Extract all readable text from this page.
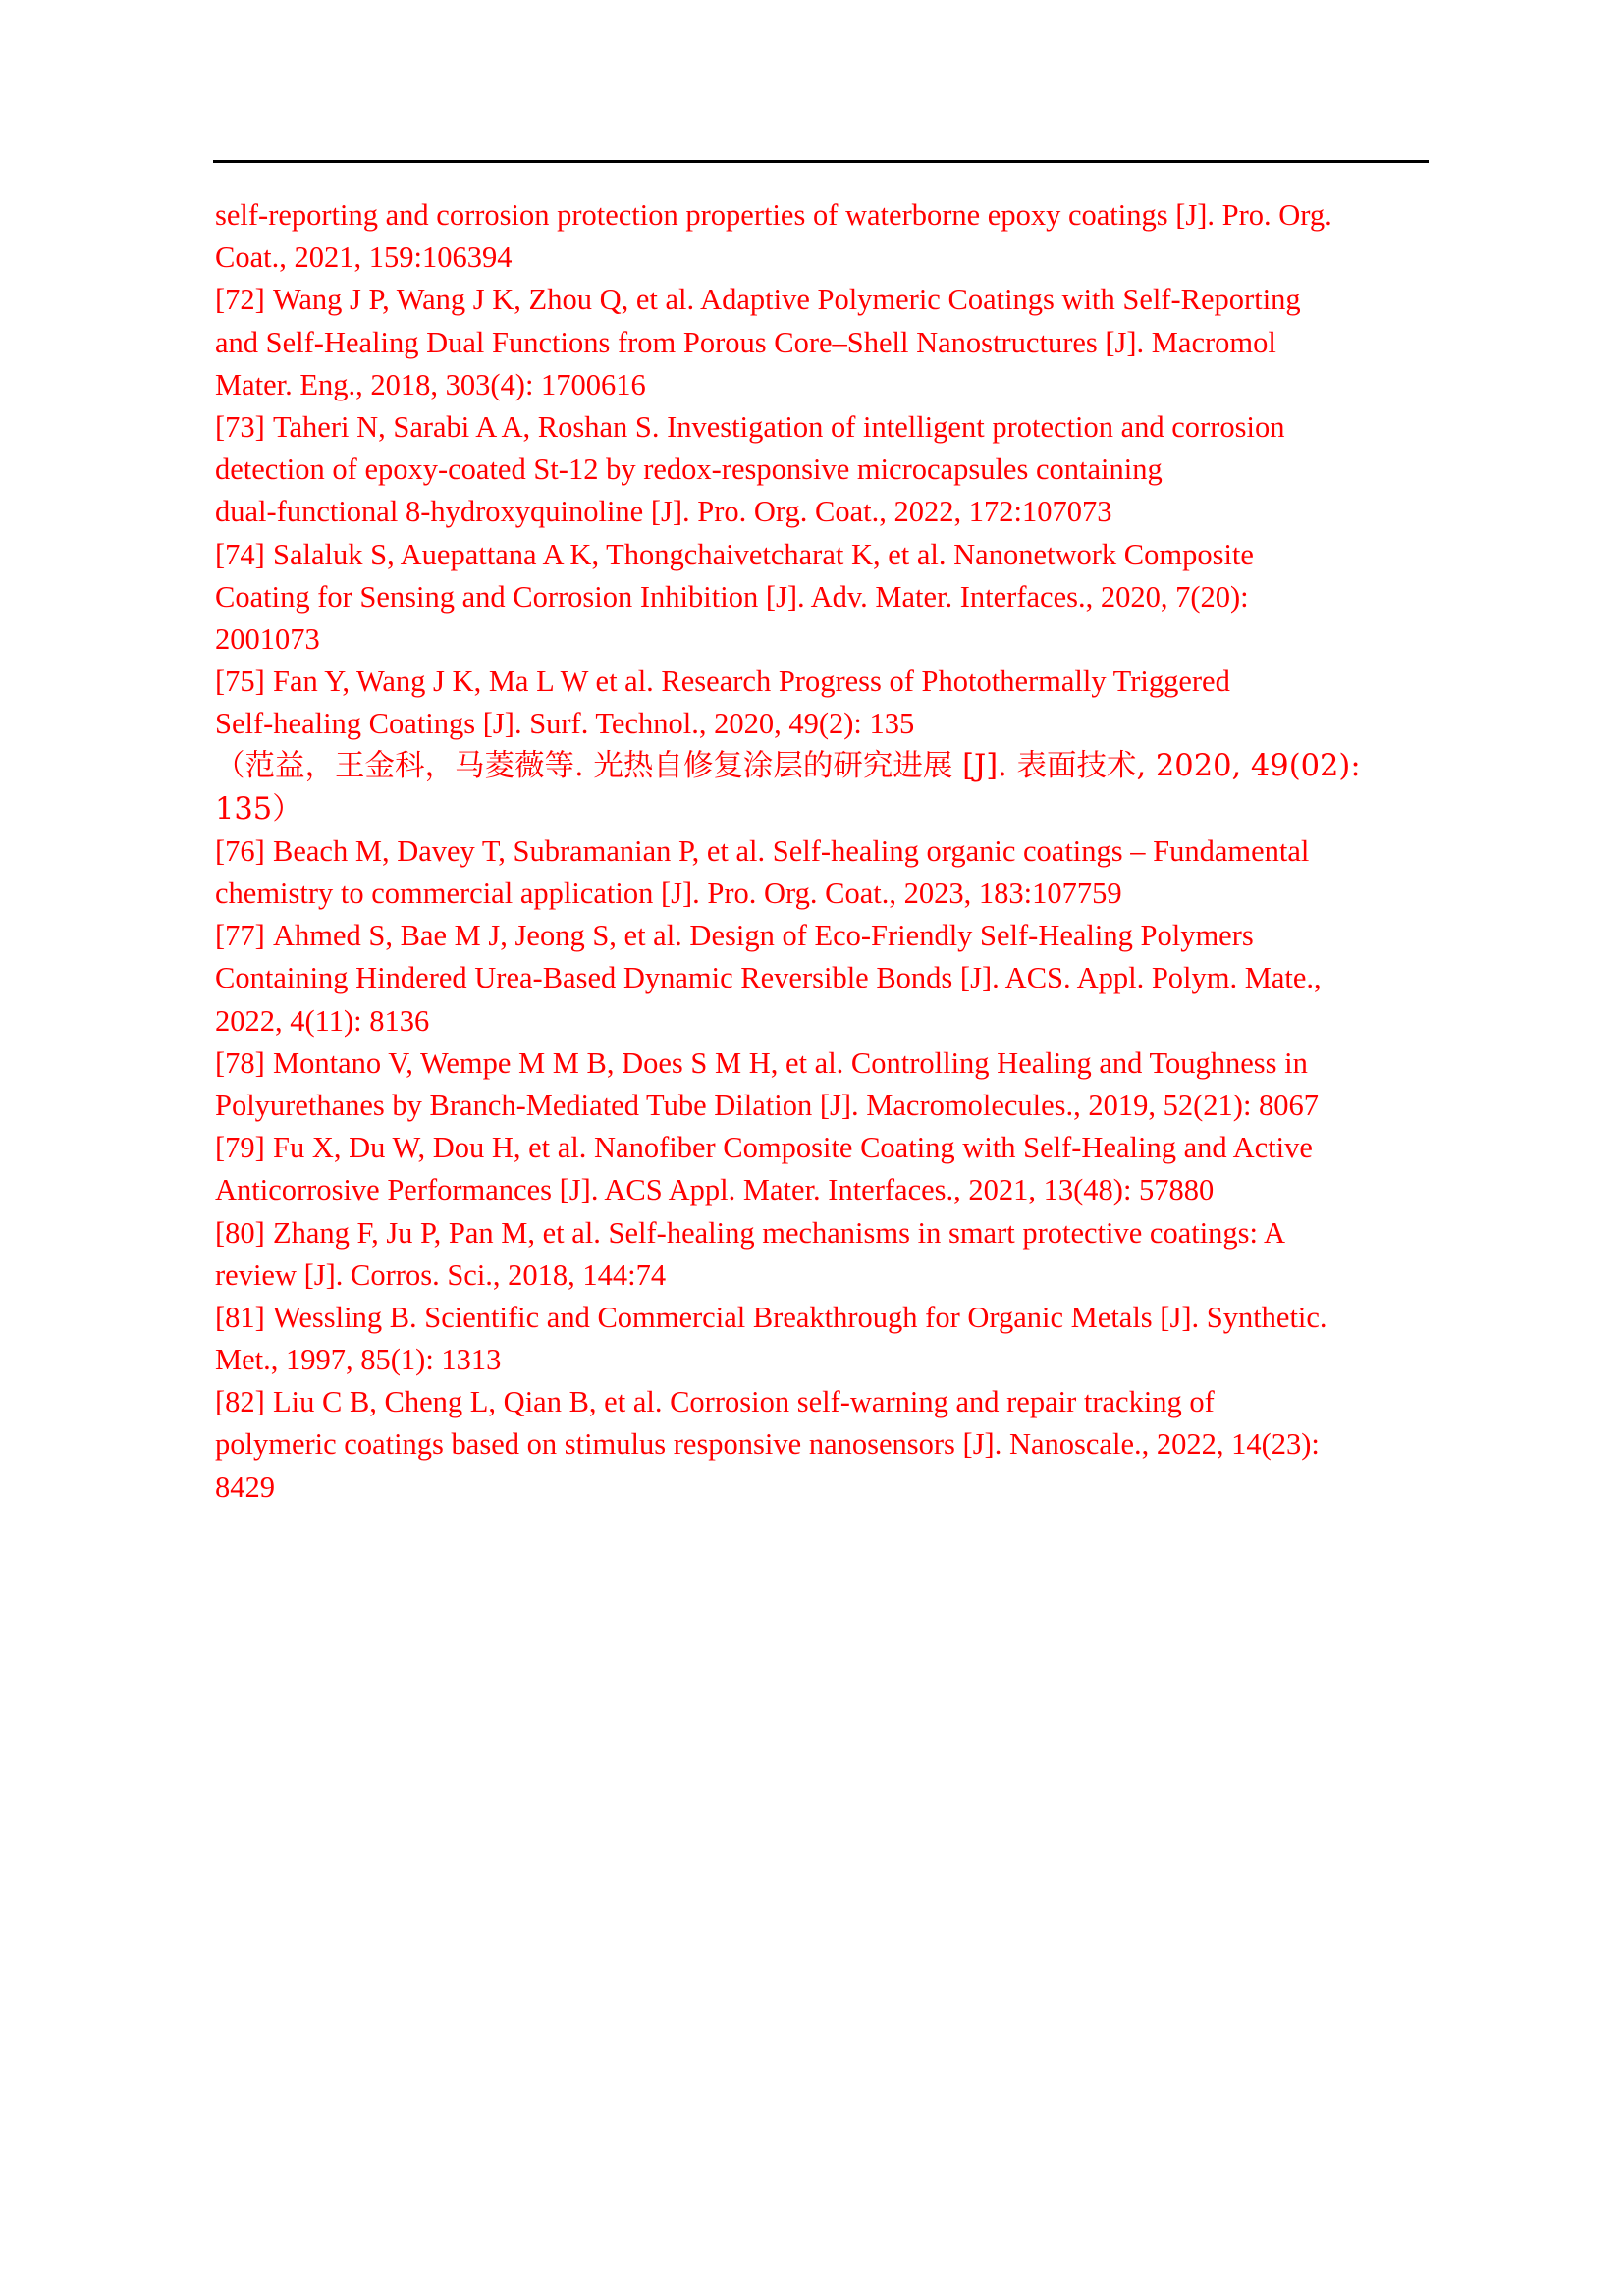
self-reporting and corrosion protection properties of waterborne epoxy coatings [J]. Pro. Org.
Coat., 2021, 159:106394
[72] Wang J P, Wang J K, Zhou Q, et al. Adaptive Polymeric Coatings with Self-Reporting
and Self-Healing Dual Functions from Porous Core–Shell Nanostructures [J]. Macromol
Mater. Eng., 2018, 303(4): 1700616
[73] Taheri N, Sarabi A A, Roshan S. Investigation of intelligent protection and corrosion
detection of epoxy-coated St-12 by redox-responsive microcapsules containing
dual-functional 8-hydroxyquinoline [J]. Pro. Org. Coat., 2022, 172:107073
[74] Salaluk S, Auepattana A K, Thongchaivetcharat K, et al. Nanonetwork Composite
Coating for Sensing and Corrosion Inhibition [J]. Adv. Mater. Interfaces., 2020, 7(20):
2001073
[75] Fan Y, Wang J K, Ma L W et al. Research Progress of Photothermally Triggered
Self-healing Coatings [J]. Surf. Technol., 2020, 49(2): 135
（范益，王金科，马菱薇等. 光热自修复涂层的研究进展 [J]. 表面技术, 2020, 49(02):
135）
[76] Beach M, Davey T, Subramanian P, et al. Self-healing organic coatings – Fundamental
chemistry to commercial application [J]. Pro. Org. Coat., 2023, 183:107759
[77] Ahmed S, Bae M J, Jeong S, et al. Design of Eco-Friendly Self-Healing Polymers
Containing Hindered Urea-Based Dynamic Reversible Bonds [J]. ACS. Appl. Polym. Mate.,
2022, 4(11): 8136
[78] Montano V, Wempe M M B, Does S M H, et al. Controlling Healing and Toughness in
Polyurethanes by Branch-Mediated Tube Dilation [J]. Macromolecules., 2019, 52(21): 8067
[79] Fu X, Du W, Dou H, et al. Nanofiber Composite Coating with Self-Healing and Active
Anticorrosive Performances [J]. ACS Appl. Mater. Interfaces., 2021, 13(48): 57880
[80] Zhang F, Ju P, Pan M, et al. Self-healing mechanisms in smart protective coatings: A
review [J]. Corros. Sci., 2018, 144:74
[81] Wessling B. Scientific and Commercial Breakthrough for Organic Metals [J]. Synthetic.
Met., 1997, 85(1): 1313
[82] Liu C B, Cheng L, Qian B, et al. Corrosion self-warning and repair tracking of
polymeric coatings based on stimulus responsive nanosensors [J]. Nanoscale., 2022, 14(23):
8429
